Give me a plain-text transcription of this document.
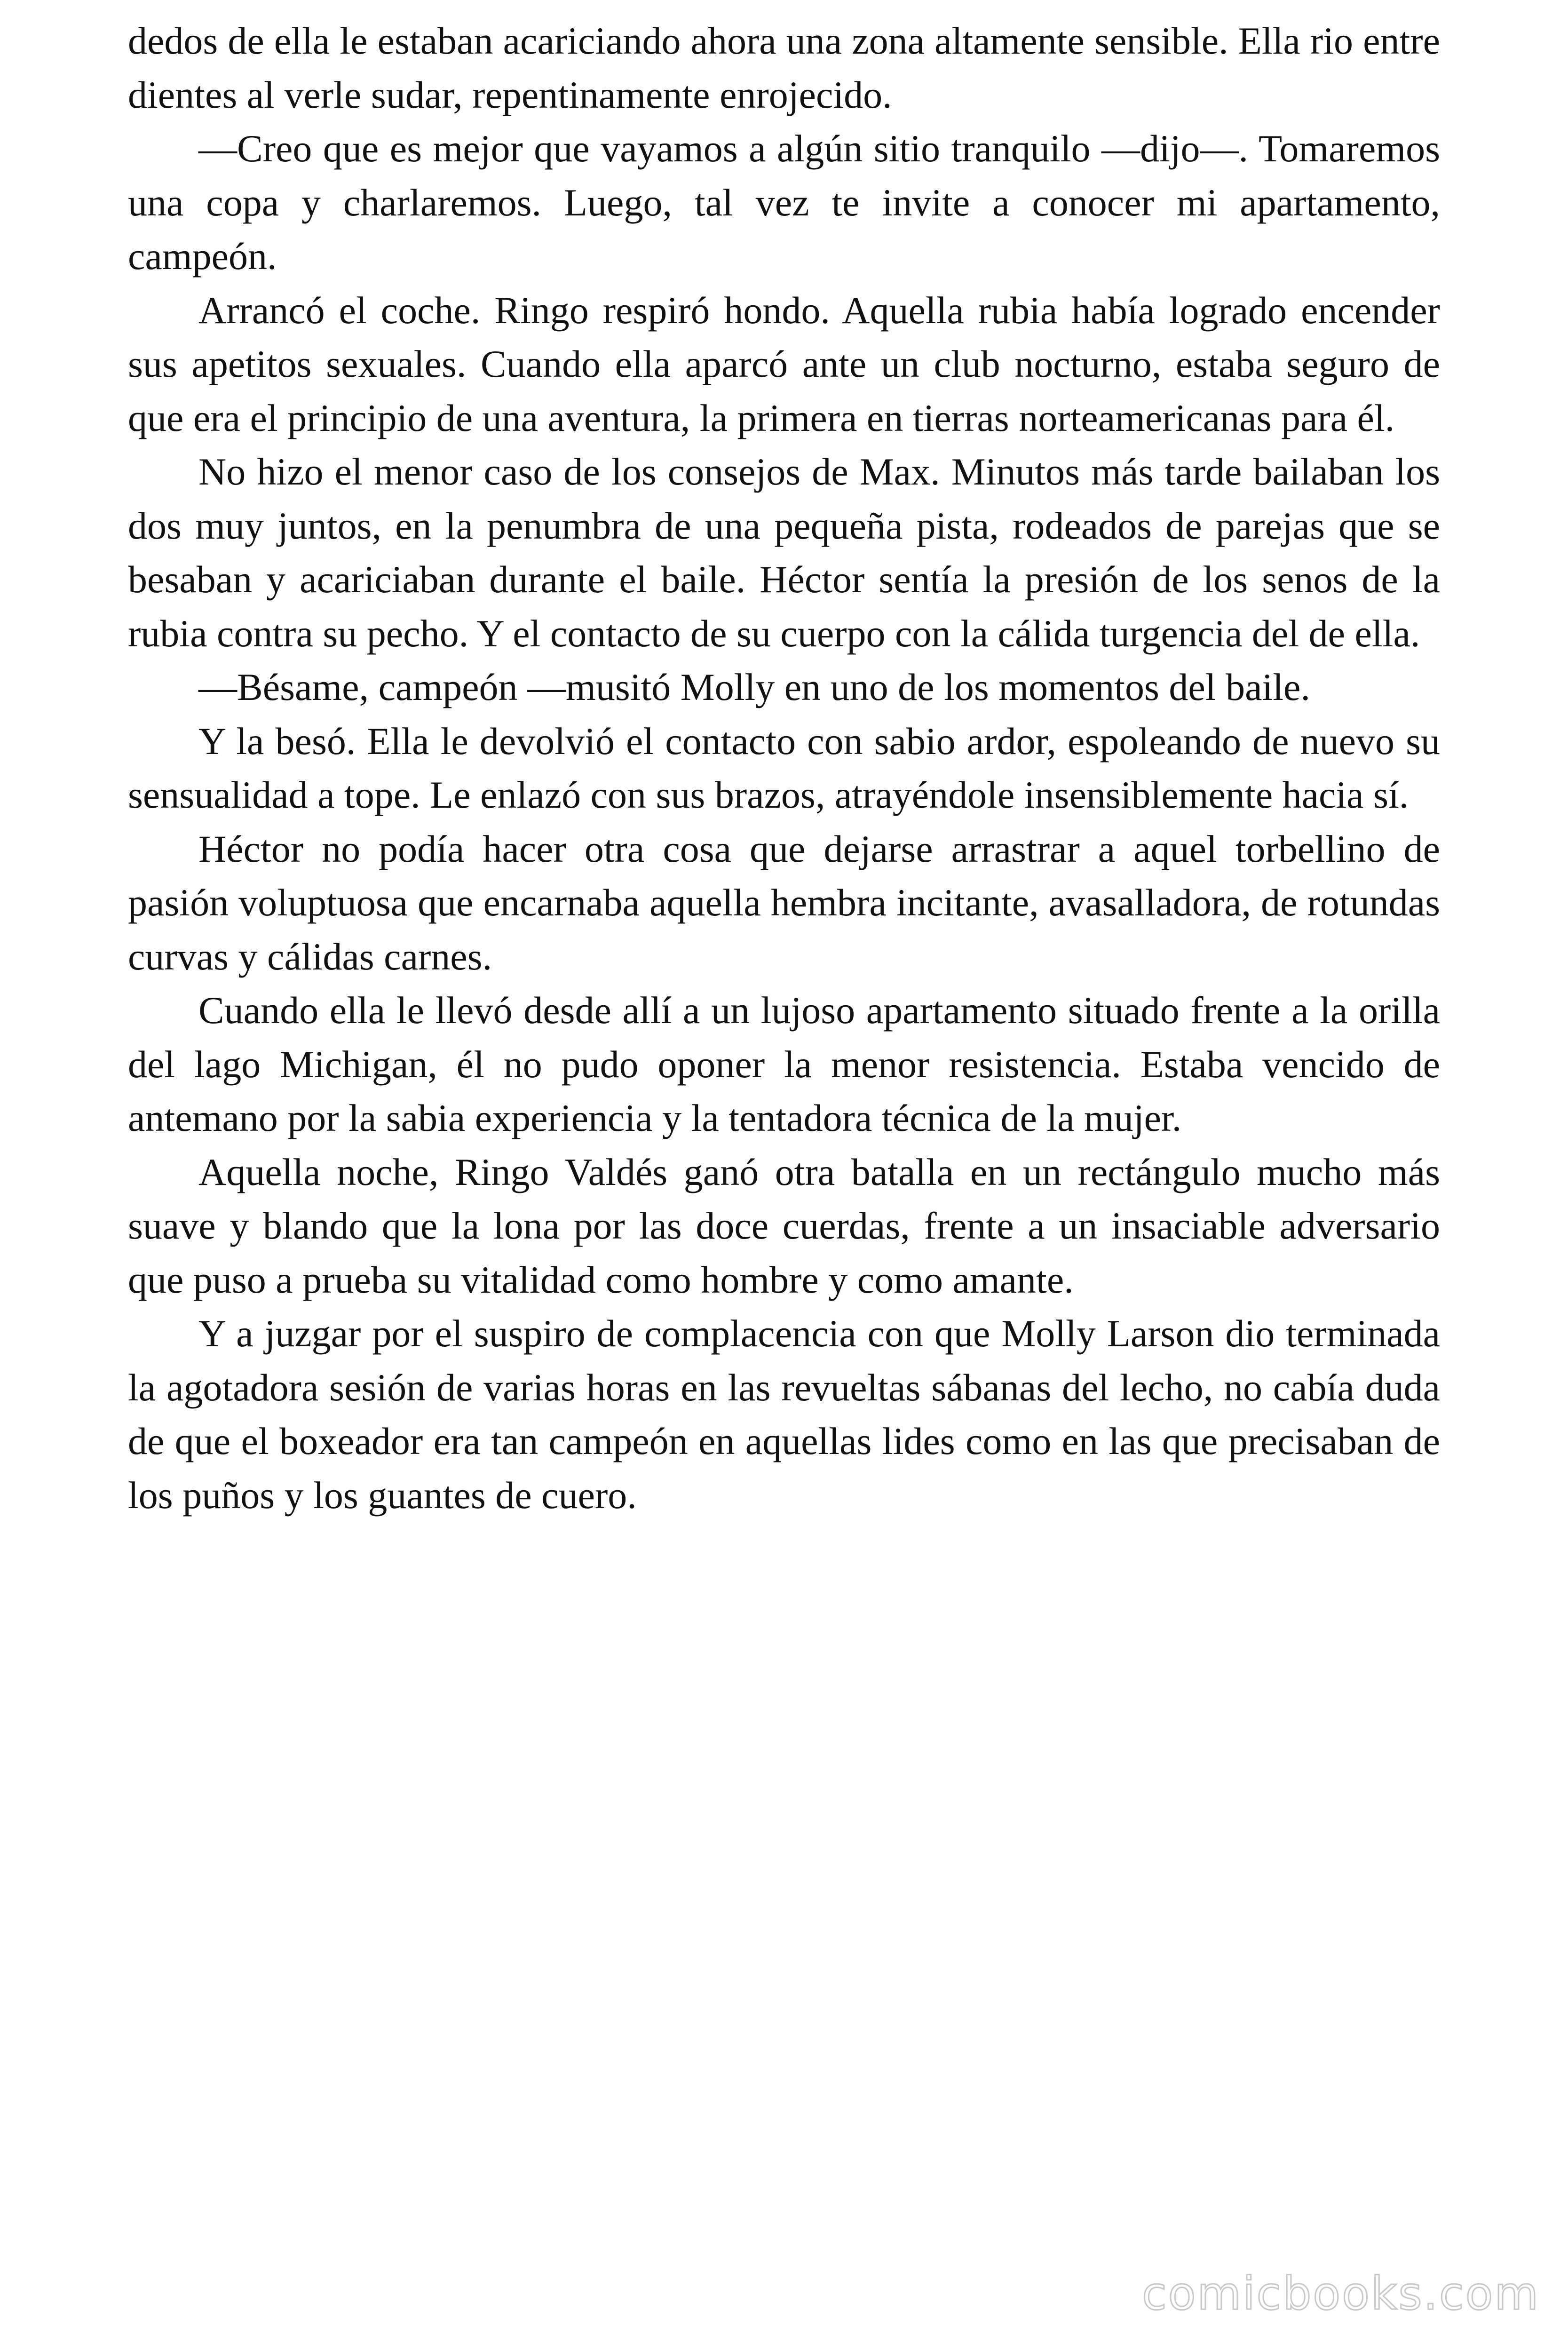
dedos de ella le estaban acariciando ahora una zona altamente sensible. Ella rio entre dientes al verle sudar, repentinamente enrojecido.

—Creo que es mejor que vayamos a algún sitio tranquilo —dijo—. Tomaremos una copa y charlaremos. Luego, tal vez te invite a conocer mi apartamento, campeón.

Arrancó el coche. Ringo respiró hondo. Aquella rubia había logrado encender sus apetitos sexuales. Cuando ella aparcó ante un club nocturno, estaba seguro de que era el principio de una aventura, la primera en tierras norteamericanas para él.

No hizo el menor caso de los consejos de Max. Minutos más tarde bailaban los dos muy juntos, en la penumbra de una pequeña pista, rodeados de parejas que se besaban y acariciaban durante el baile. Héctor sentía la presión de los senos de la rubia contra su pecho. Y el contacto de su cuerpo con la cálida turgencia del de ella.

—Bésame, campeón —musitó Molly en uno de los momentos del baile.

Y la besó. Ella le devolvió el contacto con sabio ardor, espoleando de nuevo su sensualidad a tope. Le enlazó con sus brazos, atrayéndole insensiblemente hacia sí.

Héctor no podía hacer otra cosa que dejarse arrastrar a aquel torbellino de pasión voluptuosa que encarnaba aquella hembra incitante, avasalladora, de rotundas curvas y cálidas carnes.

Cuando ella le llevó desde allí a un lujoso apartamento situado frente a la orilla del lago Michigan, él no pudo oponer la menor resistencia. Estaba vencido de antemano por la sabia experiencia y la tentadora técnica de la mujer.

Aquella noche, Ringo Valdés ganó otra batalla en un rectángulo mucho más suave y blando que la lona por las doce cuerdas, frente a un insaciable adversario que puso a prueba su vitalidad como hombre y como amante.

Y a juzgar por el suspiro de complacencia con que Molly Larson dio terminada la agotadora sesión de varias horas en las revueltas sábanas del lecho, no cabía duda de que el boxeador era tan campeón en aquellas lides como en las que precisaban de los puños y los guantes de cuero.

comicbooks.com
